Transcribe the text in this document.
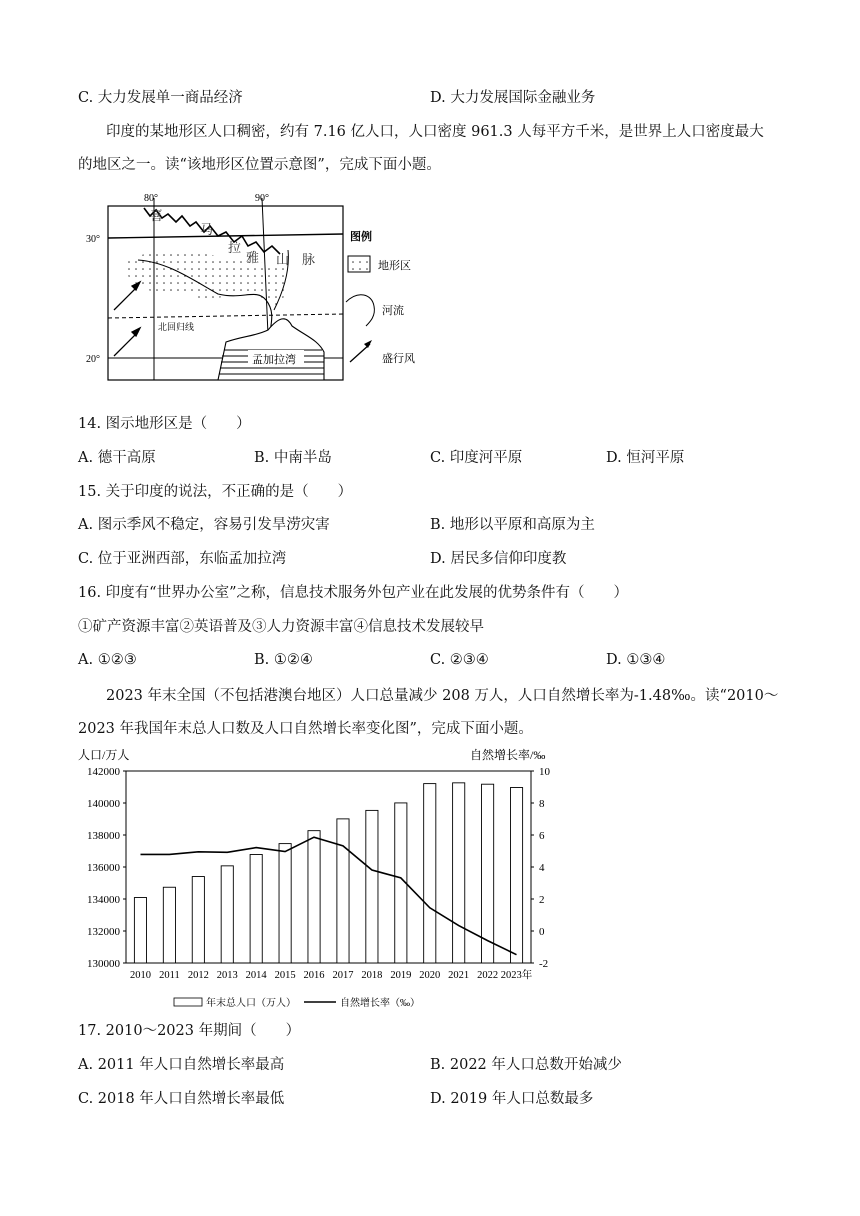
C. 大力发展单一商品经济	D. 大力发展国际金融业务
印度的某地形区人口稠密，约有 7.16 亿人口，人口密度 961.3 人每平方千米，是世界上人口密度最大
的地区之一。读“该地形区位置示意图”，完成下面小题。
北回归线
80°	90°
30°
20°
喜
马
拉
雅 山 脉
孟加拉湾
图例
地形区
河流
盛行风
14. 图示地形区是（　　）
A. 德干高原	B. 中南半岛	C. 印度河平原	D. 恒河平原
15. 关于印度的说法，不正确的是（　　）
A. 图示季风不稳定，容易引发旱涝灾害	B. 地形以平原和高原为主
C. 位于亚洲西部，东临孟加拉湾	D. 居民多信仰印度教
16. 印度有“世界办公室”之称，信息技术服务外包产业在此发展的优势条件有（　　）
①矿产资源丰富②英语普及③人力资源丰富④信息技术发展较早
A. ①②③	B. ①②④	C. ②③④	D. ①③④
2023 年末全国（不包括港澳台地区）人口总量减少 208 万人，人口自然增长率为-1.48‰。读“2010～
2023 年我国年末总人口数及人口自然增长率变化图”，完成下面小题。
人口/万人	自然增长率/‰
130000
132000
134000
136000
138000
140000
142000
-2
0
2
4
6
8
10
2010 2011 2012 2013 2014 2015 2016 2017 2018 2019 2020 2021 2022 2023年
年末总人口（万人）	自然增长率（‰）
17. 2010～2023 年期间（　　）
A. 2011 年人口自然增长率最高	B. 2022 年人口总数开始减少
C. 2018 年人口自然增长率最低	D. 2019 年人口总数最多
